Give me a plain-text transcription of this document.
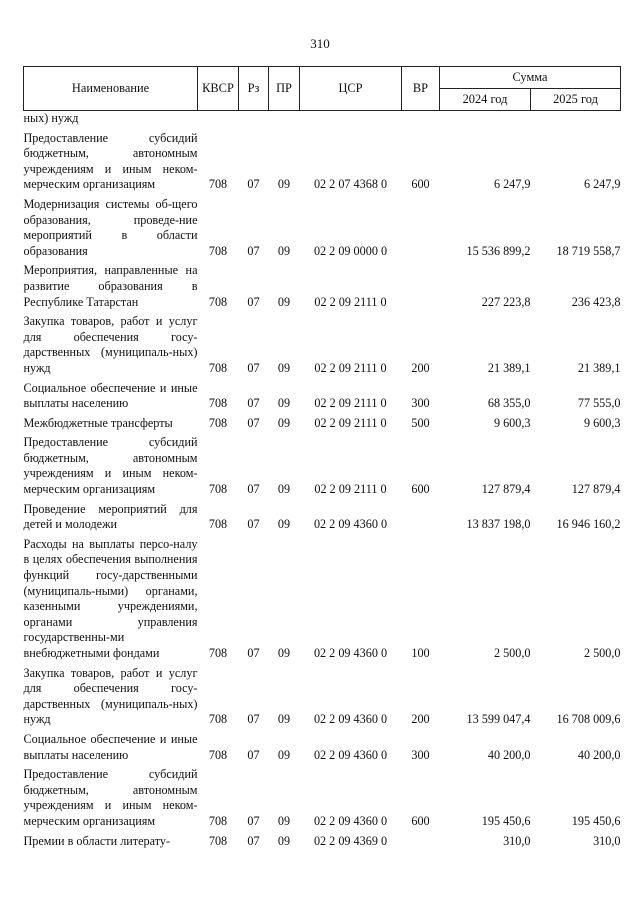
310
Наименование	КВСР	Рз	ПР	ЦСР	ВР	Сумма	
						2024 год	2025 год
ных) нужд							
Предоставление субсидий бюджетным, автономным учреждениям и иным неком-мерческим организациям	708	07	09	02 2 07 4368 0	600	6 247,9	6 247,9
Модернизация системы об-щего образования, проведе-ние мероприятий в области образования	708	07	09	02 2 09 0000 0		15 536 899,2	18 719 558,7
Мероприятия, направленные на развитие образования в Республике Татарстан	708	07	09	02 2 09 2111 0		227 223,8	236 423,8
Закупка товаров, работ и услуг для обеспечения госу-дарственных (муниципаль-ных) нужд	708	07	09	02 2 09 2111 0	200	21 389,1	21 389,1
Социальное обеспечение и иные выплаты населению	708	07	09	02 2 09 2111 0	300	68 355,0	77 555,0
Межбюджетные трансферты	708	07	09	02 2 09 2111 0	500	9 600,3	9 600,3
Предоставление субсидий бюджетным, автономным учреждениям и иным неком-мерческим организациям	708	07	09	02 2 09 2111 0	600	127 879,4	127 879,4
Проведение мероприятий для детей и молодежи	708	07	09	02 2 09 4360 0		13 837 198,0	16 946 160,2
Расходы на выплаты персо-налу в целях обеспечения выполнения функций госу-дарственными (муниципаль-ными) органами, казенными учреждениями, органами управления государственны-ми внебюджетными фондами	708	07	09	02 2 09 4360 0	100	2 500,0	2 500,0
Закупка товаров, работ и услуг для обеспечения госу-дарственных (муниципаль-ных) нужд	708	07	09	02 2 09 4360 0	200	13 599 047,4	16 708 009,6
Социальное обеспечение и иные выплаты населению	708	07	09	02 2 09 4360 0	300	40 200,0	40 200,0
Предоставление субсидий бюджетным, автономным учреждениям и иным неком-мерческим организациям	708	07	09	02 2 09 4360 0	600	195 450,6	195 450,6
Премии в области литерату-	708	07	09	02 2 09 4369 0		310,0	310,0
